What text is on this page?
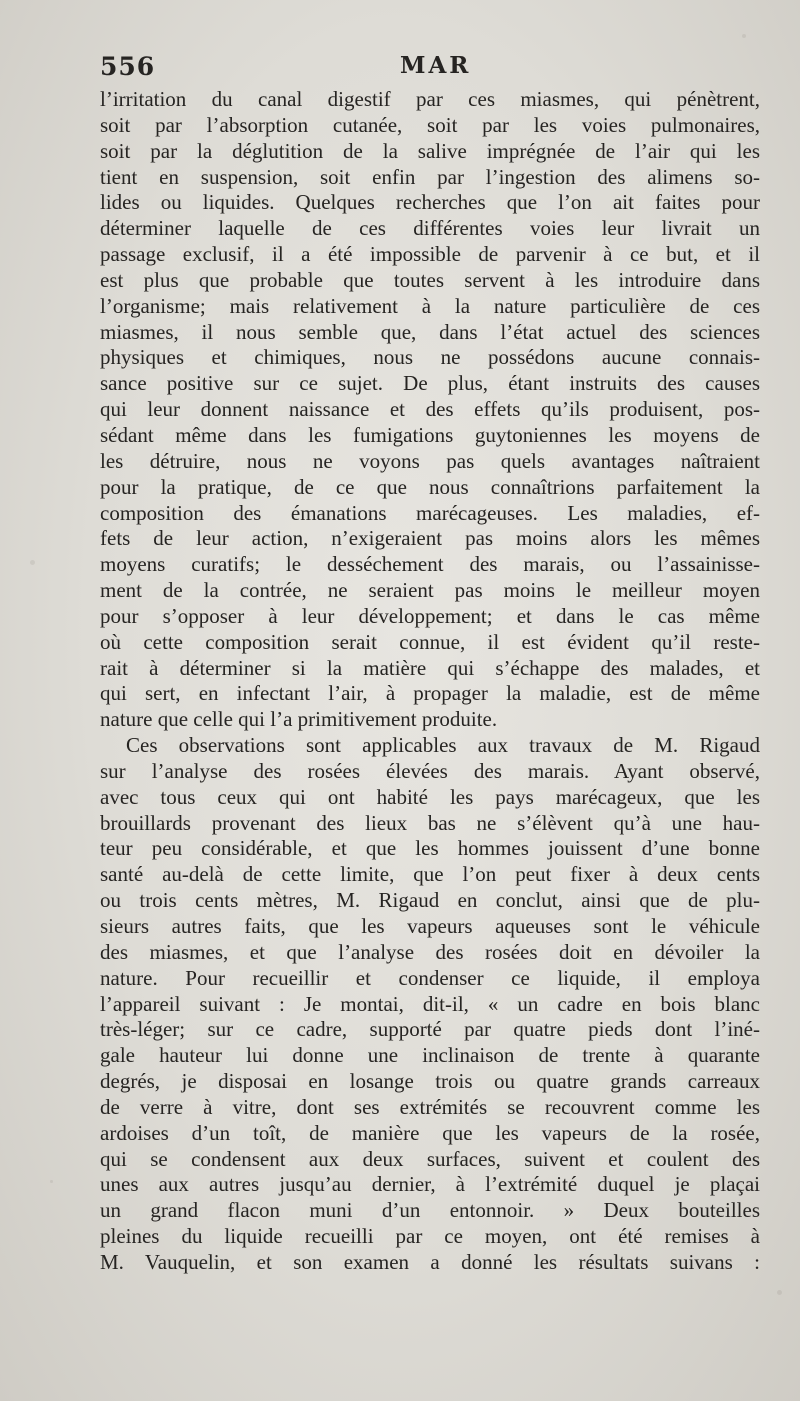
556	MAR
l’irritation du canal digestif par ces miasmes, qui pénètrent,
soit par l’absorption cutanée, soit par les voies pulmonaires,
soit par la déglutition de la salive imprégnée de l’air qui les
tient en suspension, soit enfin par l’ingestion des alimens so-
lides ou liquides. Quelques recherches que l’on ait faites pour
déterminer laquelle de ces différentes voies leur livrait un
passage exclusif, il a été impossible de parvenir à ce but, et il
est plus que probable que toutes servent à les introduire dans
l’organisme; mais relativement à la nature particulière de ces
miasmes, il nous semble que, dans l’état actuel des sciences
physiques et chimiques, nous ne possédons aucune connais-
sance positive sur ce sujet. De plus, étant instruits des causes
qui leur donnent naissance et des effets qu’ils produisent, pos-
sédant même dans les fumigations guytoniennes les moyens de
les détruire, nous ne voyons pas quels avantages naîtraient
pour la pratique, de ce que nous connaîtrions parfaitement la
composition des émanations marécageuses. Les maladies, ef-
fets de leur action, n’exigeraient pas moins alors les mêmes
moyens curatifs; le desséchement des marais, ou l’assainisse-
ment de la contrée, ne seraient pas moins le meilleur moyen
pour s’opposer à leur développement; et dans le cas même
où cette composition serait connue, il est évident qu’il reste-
rait à déterminer si la matière qui s’échappe des malades, et
qui sert, en infectant l’air, à propager la maladie, est de même
nature que celle qui l’a primitivement produite.
Ces observations sont applicables aux travaux de M. Rigaud
sur l’analyse des rosées élevées des marais. Ayant observé,
avec tous ceux qui ont habité les pays marécageux, que les
brouillards provenant des lieux bas ne s’élèvent qu’à une hau-
teur peu considérable, et que les hommes jouissent d’une bonne
santé au-delà de cette limite, que l’on peut fixer à deux cents
ou trois cents mètres, M. Rigaud en conclut, ainsi que de plu-
sieurs autres faits, que les vapeurs aqueuses sont le véhicule
des miasmes, et que l’analyse des rosées doit en dévoiler la
nature. Pour recueillir et condenser ce liquide, il employa
l’appareil suivant : Je montai, dit-il, « un cadre en bois blanc
très-léger; sur ce cadre, supporté par quatre pieds dont l’iné-
gale hauteur lui donne une inclinaison de trente à quarante
degrés, je disposai en losange trois ou quatre grands carreaux
de verre à vitre, dont ses extrémités se recouvrent comme les
ardoises d’un toît, de manière que les vapeurs de la rosée,
qui se condensent aux deux surfaces, suivent et coulent des
unes aux autres jusqu’au dernier, à l’extrémité duquel je plaçai
un grand flacon muni d’un entonnoir. » Deux bouteilles
pleines du liquide recueilli par ce moyen, ont été remises à
M. Vauquelin, et son examen a donné les résultats suivans :
